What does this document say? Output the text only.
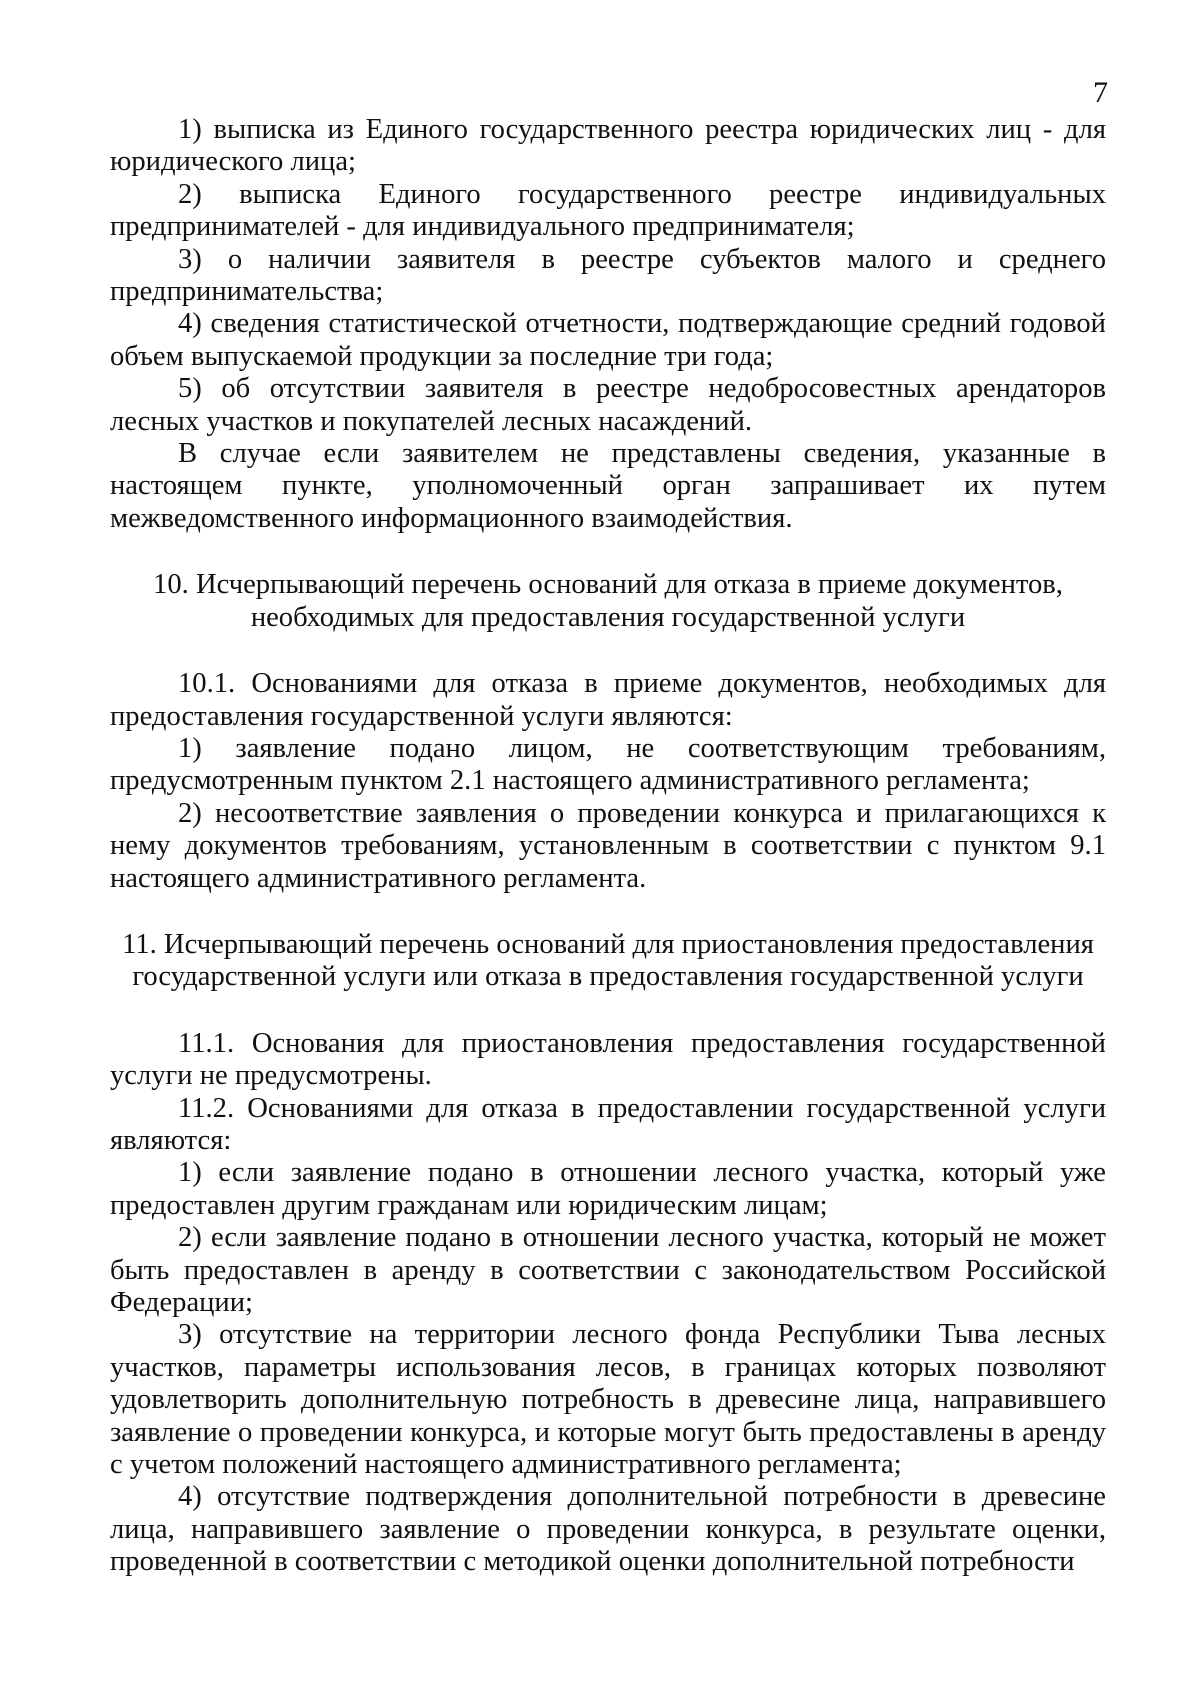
7

1) выписка из Единого государственного реестра юридических лиц - для юридического лица;

2) выписка Единого государственного реестре индивидуальных предпринимателей - для индивидуального предпринимателя;

3) о наличии заявителя в реестре субъектов малого и среднего предпринимательства;

4) сведения статистической отчетности, подтверждающие средний годовой объем выпускаемой продукции за последние три года;

5) об отсутствии заявителя в реестре недобросовестных арендаторов лесных участков и покупателей лесных насаждений.

В случае если заявителем не представлены сведения, указанные в настоящем пункте, уполномоченный орган запрашивает их путем межведомственного информационного взаимодействия.

10. Исчерпывающий перечень оснований для отказа в приеме документов,

необходимых для предоставления государственной услуги

10.1. Основаниями для отказа в приеме документов, необходимых для предоставления государственной услуги являются:

1) заявление подано лицом, не соответствующим требованиям, предусмотренным пунктом 2.1 настоящего административного регламента;

2) несоответствие заявления о проведении конкурса и прилагающихся к нему документов требованиям, установленным в соответствии с пунктом 9.1 настоящего административного регламента.

11. Исчерпывающий перечень оснований для приостановления предоставления

государственной услуги или отказа в предоставления государственной услуги

11.1. Основания для приостановления предоставления государственной услуги не предусмотрены.

11.2. Основаниями для отказа в предоставлении государственной услуги являются:

1) если заявление подано в отношении лесного участка, который уже предоставлен другим гражданам или юридическим лицам;

2) если заявление подано в отношении лесного участка, который не может быть предоставлен в аренду в соответствии с законодательством Российской Федерации;

3) отсутствие на территории лесного фонда Республики Тыва лесных участков, параметры использования лесов, в границах которых позволяют удовлетворить дополнительную потребность в древесине лица, направившего заявление о проведении конкурса, и которые могут быть предоставлены в аренду с учетом положений настоящего административного регламента;

4) отсутствие подтверждения дополнительной потребности в древесине лица, направившего заявление о проведении конкурса, в результате оценки, проведенной в соответствии с методикой оценки дополнительной потребности
